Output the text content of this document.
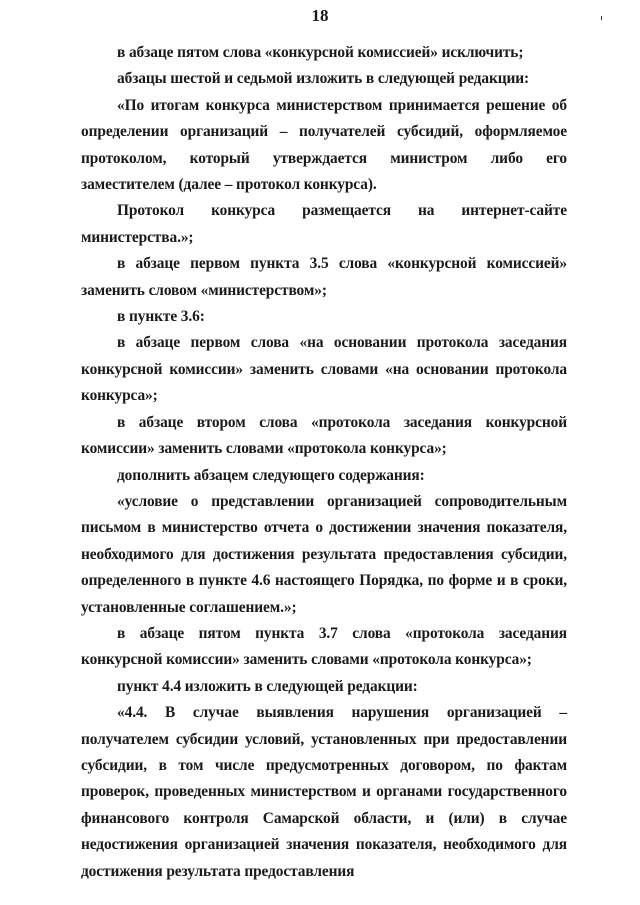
18

в абзаце пятом слова «конкурсной комиссией» исключить;

абзацы шестой и седьмой изложить в следующей редакции:

«По итогам конкурса министерством принимается решение об определении организаций – получателей субсидий, оформляемое протоколом, который утверждается министром либо его заместителем (далее – протокол конкурса).

Протокол конкурса размещается на интернет-сайте министерства.»;

в абзаце первом пункта 3.5 слова «конкурсной комиссией» заменить словом «министерством»;

в пункте 3.6:

в абзаце первом слова «на основании протокола заседания конкурсной комиссии» заменить словами «на основании протокола конкурса»;

в абзаце втором слова «протокола заседания конкурсной комиссии» заменить словами «протокола конкурса»;

дополнить абзацем следующего содержания:

«условие о представлении организацией сопроводительным письмом в министерство отчета о достижении значения показателя, необходимого для достижения результата предоставления субсидии, определенного в пункте 4.6 настоящего Порядка, по форме и в сроки, установленные соглашением.»;

в абзаце пятом пункта 3.7 слова «протокола заседания конкурсной комиссии» заменить словами «протокола конкурса»;

пункт 4.4 изложить в следующей редакции:

«4.4. В случае выявления нарушения организацией – получателем субсидии условий, установленных при предоставлении субсидии, в том числе предусмотренных договором, по фактам проверок, проведенных министерством и органами государственного финансового контроля Самарской области, и (или) в случае недостижения организацией значения показателя, необходимого для достижения результата предоставления
